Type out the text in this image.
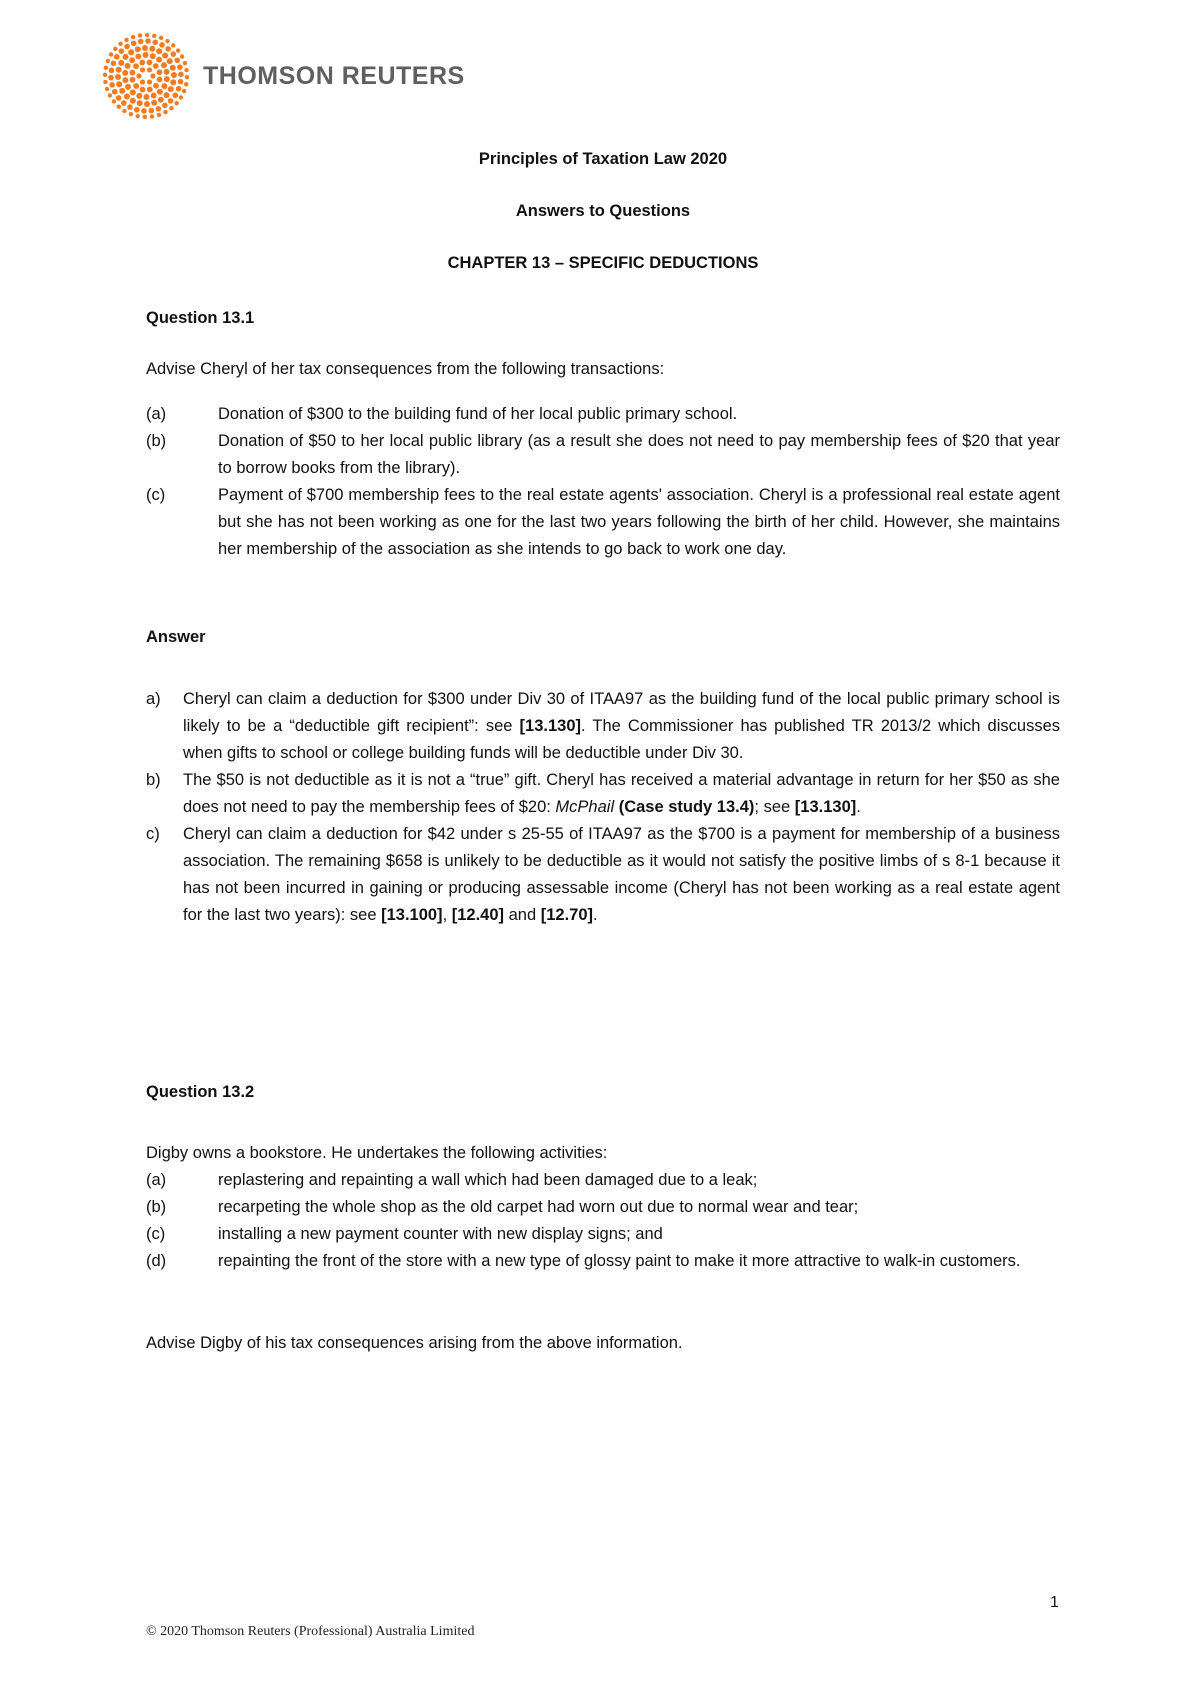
THOMSON REUTERS
Principles of Taxation Law 2020
Answers to Questions
CHAPTER 13 – SPECIFIC DEDUCTIONS
Question 13.1
Advise Cheryl of her tax consequences from the following transactions:
(a)	Donation of $300 to the building fund of her local public primary school.
(b)	Donation of $50 to her local public library (as a result she does not need to pay membership fees of $20 that year to borrow books from the library).
(c)	Payment of $700 membership fees to the real estate agents' association. Cheryl is a professional real estate agent but she has not been working as one for the last two years following the birth of her child. However, she maintains her membership of the association as she intends to go back to work one day.
Answer
a) Cheryl can claim a deduction for $300 under Div 30 of ITAA97 as the building fund of the local public primary school is likely to be a “deductible gift recipient”: see [13.130]. The Commissioner has published TR 2013/2 which discusses when gifts to school or college building funds will be deductible under Div 30.
b) The $50 is not deductible as it is not a “true” gift. Cheryl has received a material advantage in return for her $50 as she does not need to pay the membership fees of $20: McPhail (Case study 13.4); see [13.130].
c) Cheryl can claim a deduction for $42 under s 25-55 of ITAA97 as the $700 is a payment for membership of a business association. The remaining $658 is unlikely to be deductible as it would not satisfy the positive limbs of s 8-1 because it has not been incurred in gaining or producing assessable income (Cheryl has not been working as a real estate agent for the last two years): see [13.100], [12.40] and [12.70].
Question 13.2
Digby owns a bookstore. He undertakes the following activities:
(a)	replastering and repainting a wall which had been damaged due to a leak;
(b)	recarpeting the whole shop as the old carpet had worn out due to normal wear and tear;
(c)	installing a new payment counter with new display signs; and
(d)	repainting the front of the store with a new type of glossy paint to make it more attractive to walk-in customers.
Advise Digby of his tax consequences arising from the above information.
1
© 2020 Thomson Reuters (Professional) Australia Limited
